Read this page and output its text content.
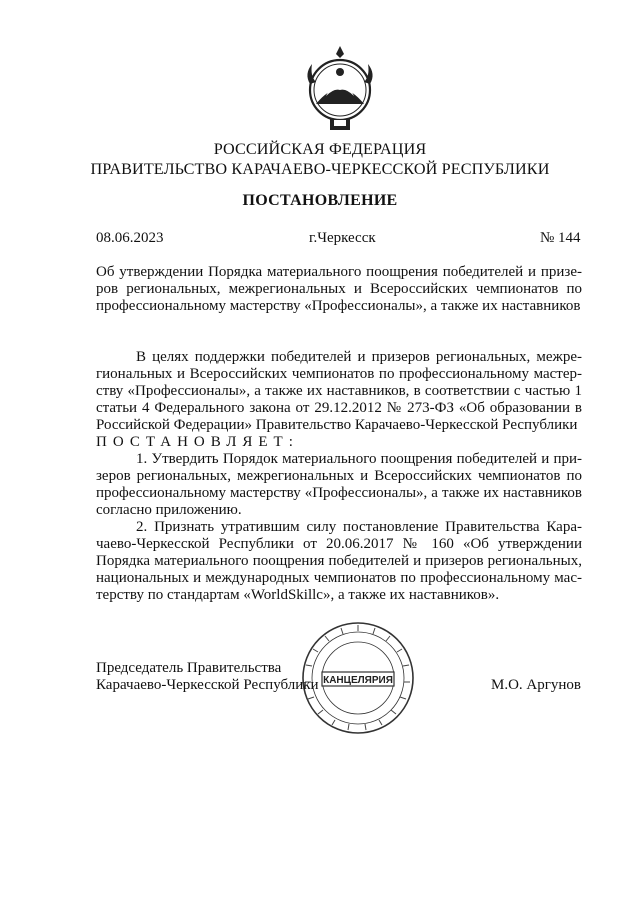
РОССИЙСКАЯ ФЕДЕРАЦИЯ
ПРАВИТЕЛЬСТВО КАРАЧАЕВО-ЧЕРКЕССКОЙ РЕСПУБЛИКИ
ПОСТАНОВЛЕНИЕ
08.06.2023	г.Черкесск	№ 144
Об утверждении Порядка материального поощрения победителей и призе-
ров региональных, межрегиональных и Всероссийских чемпионатов по
профессиональному мастерству «Профессионалы», а также их наставников
В целях поддержки победителей и призеров региональных, межре-
гиональных и Всероссийских чемпионатов по профессиональному мастер-
ству «Профессионалы», а также их наставников, в соответствии с частью 1
статьи 4 Федерального закона от 29.12.2012 № 273-ФЗ «Об образовании в
Российской Федерации» Правительство Карачаево-Черкесской Республики
ПОСТАНОВЛЯЕТ:
1. Утвердить Порядок материального поощрения победителей и при-
зеров региональных, межрегиональных и Всероссийских чемпионатов по
профессиональному мастерству «Профессионалы», а также их наставников
согласно приложению.
2. Признать утратившим силу постановление Правительства Кара-
чаево-Черкесской Республики от 20.06.2017 № 160 «Об утверждении
Порядка материального поощрения победителей и призеров региональных,
национальных и международных чемпионатов по профессиональному мас-
терству по стандартам «WorldSkillс», а также их наставников».
КАНЦЕЛЯРИЯ
Председатель Правительства
Карачаево-Черкесской Республики	М.О. Аргунов
